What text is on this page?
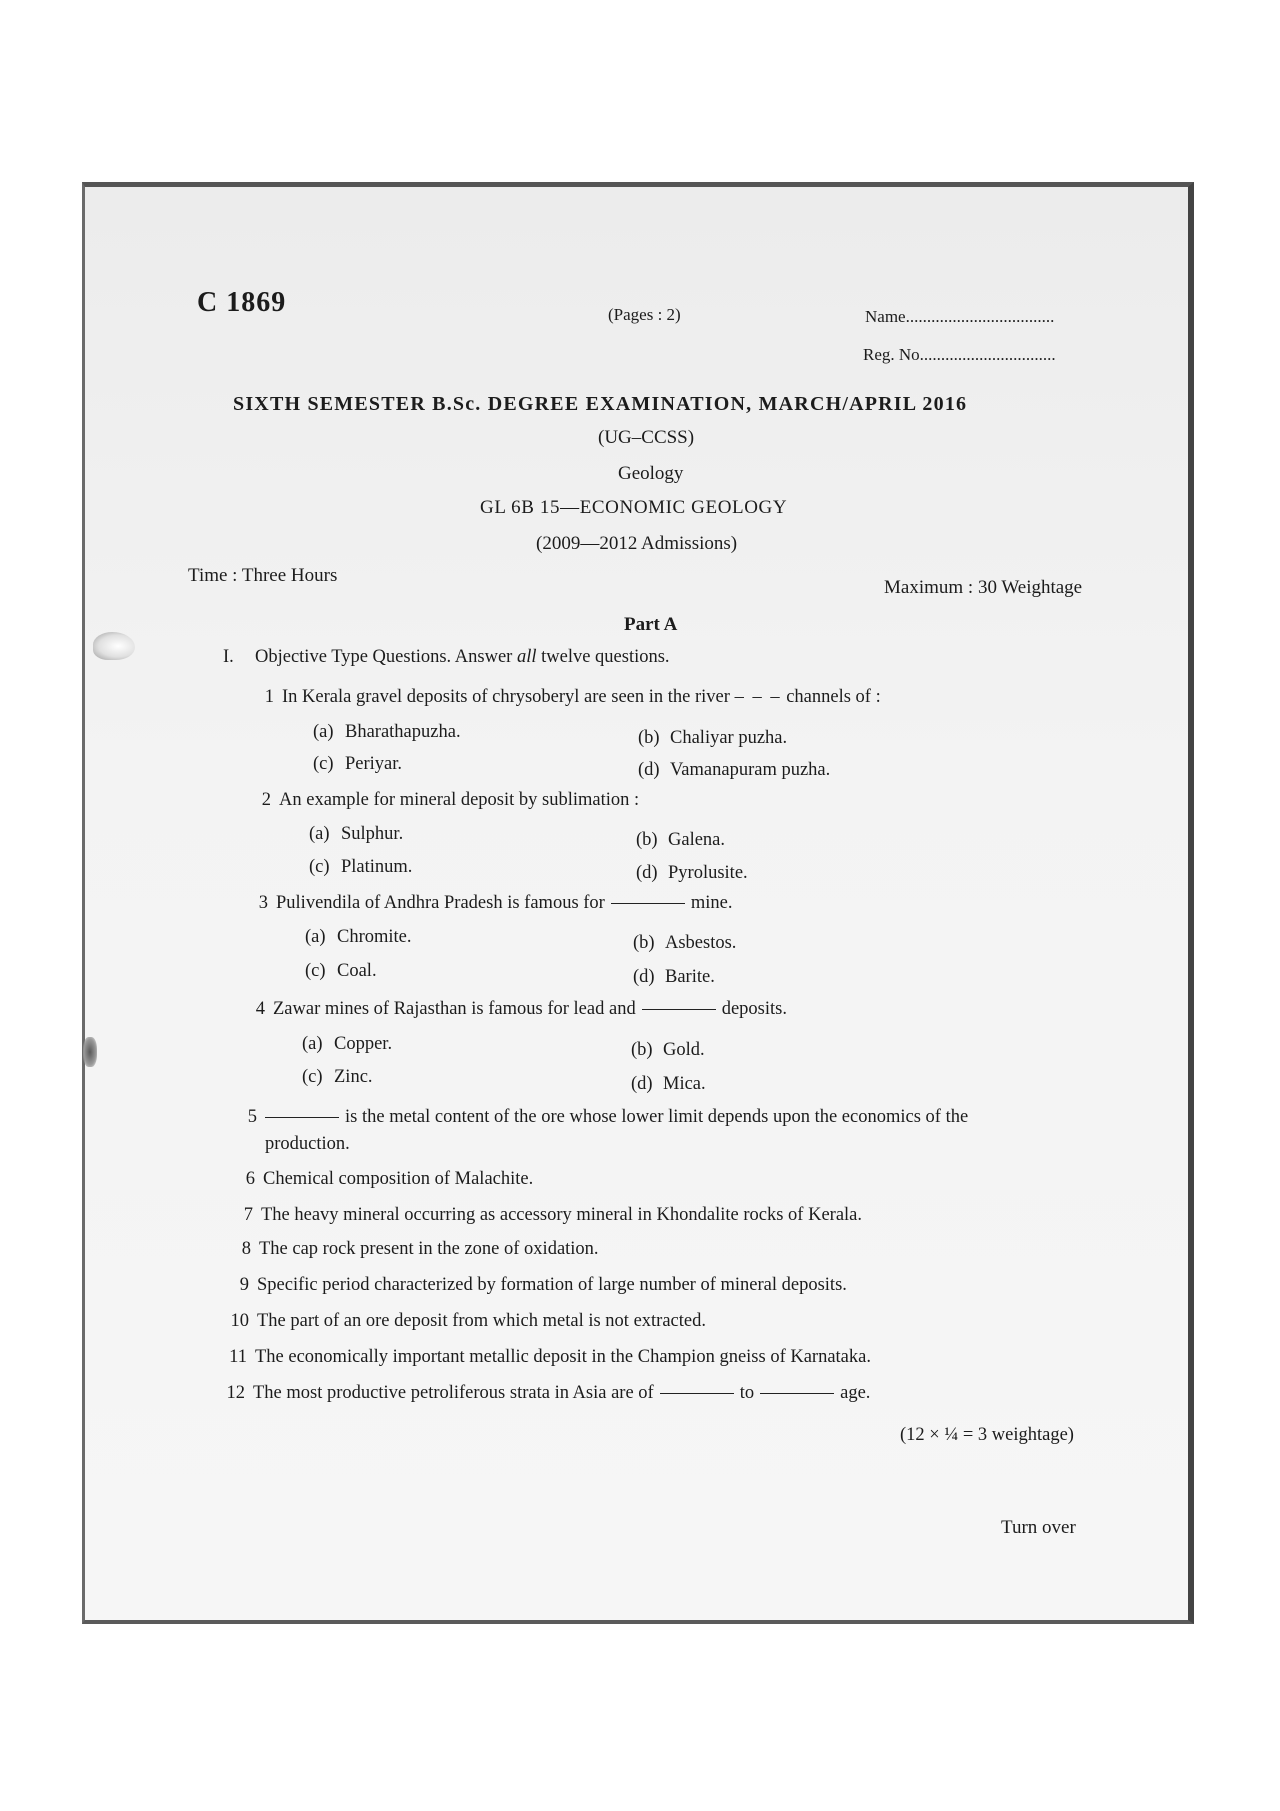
C 1869	(Pages : 2)	Name...................................
Reg. No................................
SIXTH SEMESTER B.Sc. DEGREE EXAMINATION, MARCH/APRIL 2016
(UG–CCSS)
Geology
GL 6B 15—ECONOMIC GEOLOGY
(2009—2012 Admissions)
Time : Three Hours
Maximum : 30 Weightage
Part A
I. Objective Type Questions. Answer all twelve questions.
1 In Kerala gravel deposits of chrysoberyl are seen in the river – – – channels of :
(a) Bharathapuzha.	(b) Chaliyar puzha.
(c) Periyar.	(d) Vamanapuram puzha.
2 An example for mineral deposit by sublimation :
(a) Sulphur.	(b) Galena.
(c) Platinum.	(d) Pyrolusite.
3 Pulivendila of Andhra Pradesh is famous for	mine.
(a) Chromite.	(b) Asbestos.
(c) Coal.	(d) Barite.
4 Zawar mines of Rajasthan is famous for lead and	deposits.
(a) Copper.	(b) Gold.
(c) Zinc.	(d) Mica.
5	is the metal content of the ore whose lower limit depends upon the economics of the
production.
6 Chemical composition of Malachite.
7 The heavy mineral occurring as accessory mineral in Khondalite rocks of Kerala.
8 The cap rock present in the zone of oxidation.
9 Specific period characterized by formation of large number of mineral deposits.
10 The part of an ore deposit from which metal is not extracted.
11 The economically important metallic deposit in the Champion gneiss of Karnataka.
12 The most productive petroliferous strata in Asia are of	to	age.
(12 × ¼ = 3 weightage)
Turn over
